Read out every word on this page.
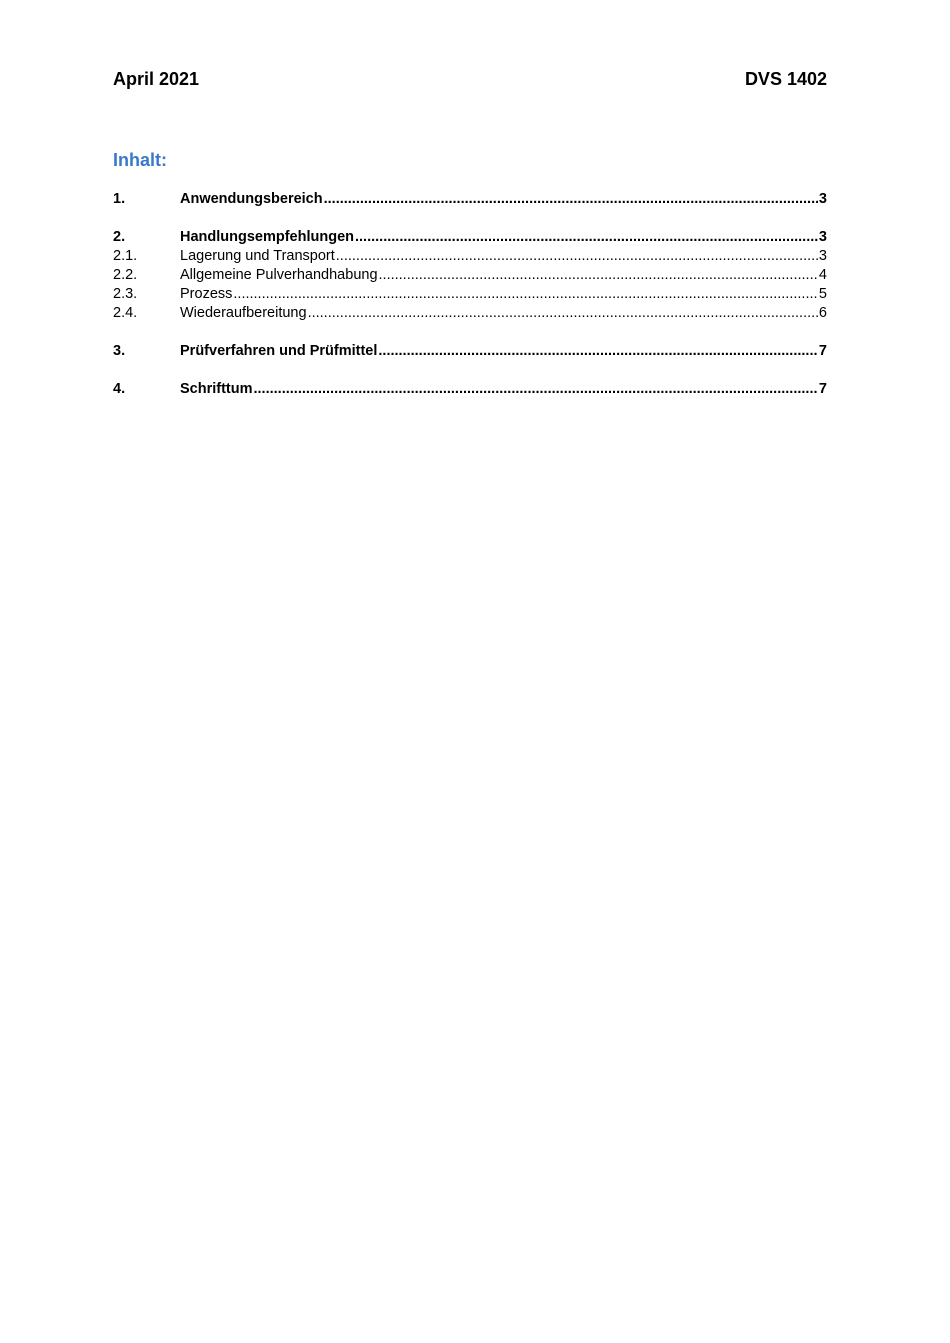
April 2021	DVS 1402
Inhalt:
1.	Anwendungsbereich .....	3
2.	Handlungsempfehlungen .....	3
2.1.	Lagerung und Transport .....	3
2.2.	Allgemeine Pulverhandhabung .....	4
2.3.	Prozess .....	5
2.4.	Wiederaufbereitung .....	6
3.	Prüfverfahren und Prüfmittel .....	7
4.	Schrifttum .....	7
